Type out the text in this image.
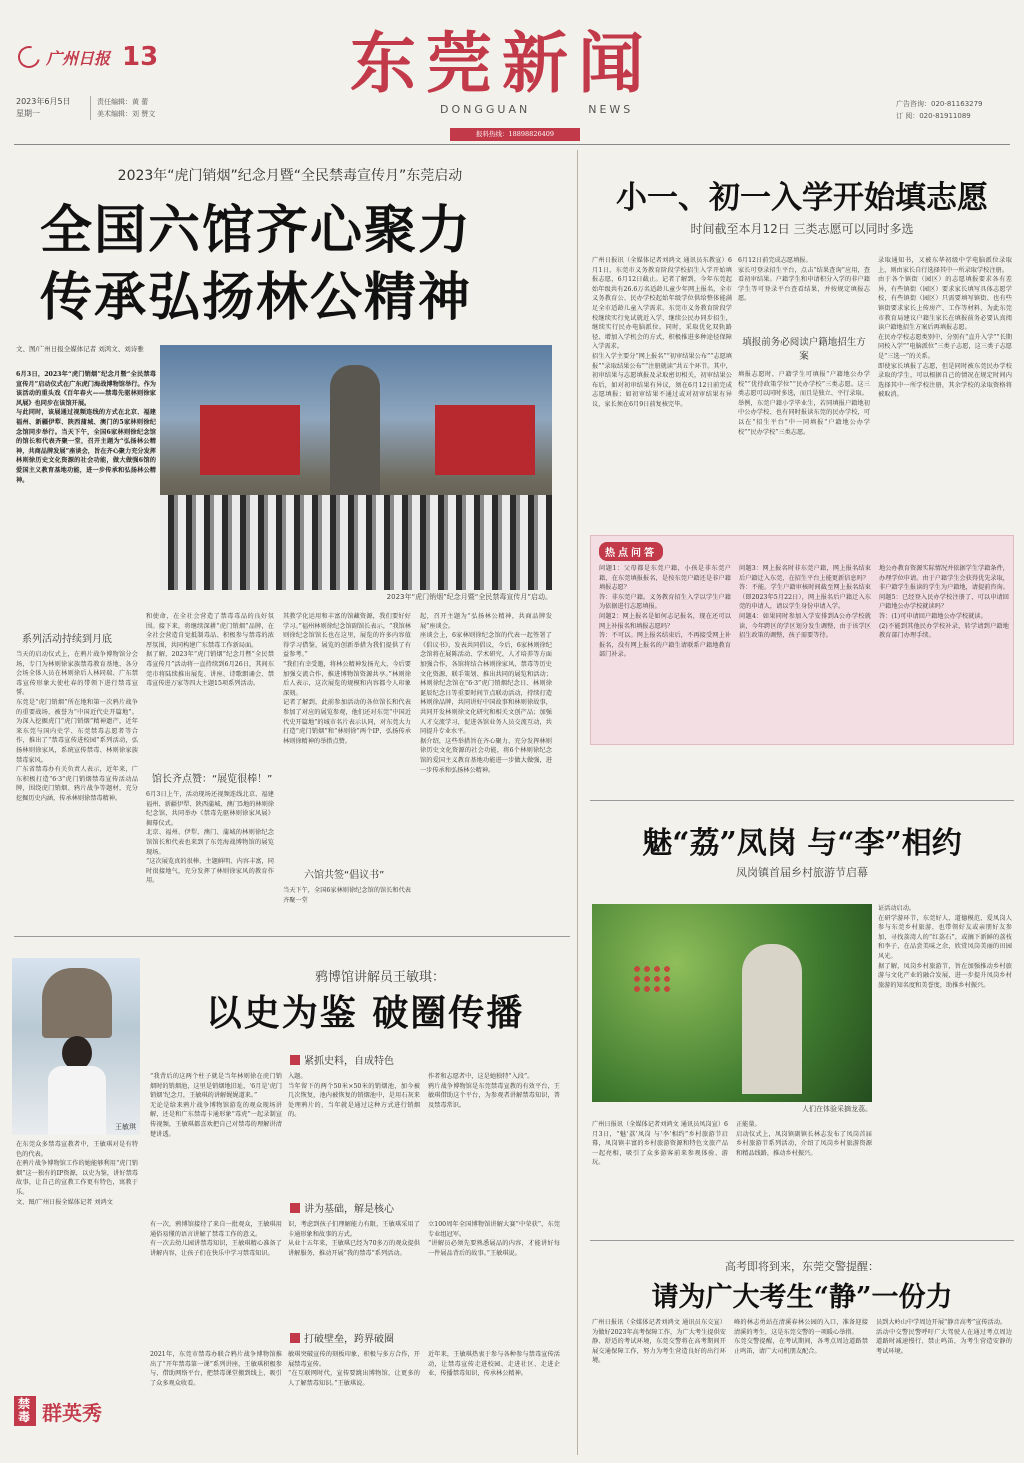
广州日报 13	东莞新闻
DONGGUAN	NEWS
报料热线：18898826409
2023年6月5日
星期一
责任编辑：黄 蕾
美术编辑：刘 赞文
广告咨询：020-81163279
订 阅：020-81911089
2023年“虎门销烟”纪念月暨“全民禁毒宣传月”东莞启动
全国六馆齐心聚力
传承弘扬林公精神
文、图/广州日报全媒体记者 刘鸿文、刘诗雅
6月3日，2023年“虎门销烟”纪念月暨“全民禁毒宣传月”启动仪式在广东虎门海战博物馆举行。作为该活动的重头戏《百年春火——禁毒先驱林则徐家风展》也同步在该馆开展。
与此同时，该展通过视频连线的方式在北京、福建福州、新疆伊犁、陕西蒲城、澳门的5家林则徐纪念馆同步举行。当天下午，全国6家林则徐纪念馆的馆长和代表齐聚一堂，召开主题为“弘扬林公精神，共商品牌发展”座谈会，旨在齐心聚力充分发挥林则徐历史文化资源的社会功能，做大做强6馆的爱国主义教育基地功能，进一步传承和弘扬林公精神。
2023年“虎门销烟”纪念月暨“全民禁毒宣传月”启动。
系列活动持续到月底
当天的启动仪式上，在鸦片战争博物馆分会场，专门为林则徐家族禁毒教育基地、各分会场全体人员在林则徐后人林同瑞、广东禁毒宣传形象大使杜春的带领下进行禁毒宣誓。
东莞是“虎门销烟”所在地和第一次鸦片战争的重要战场，被誉为“中国近代史开篇地”。为深入挖掘虎门“虎门销烟”精神遗产，近年来东莞与国内史学、东莞禁毒志愿者等合作，推出了“禁毒宣传进校园”系列活动，弘扬林则徐家风，系统宣传禁毒、林则徐家族禁毒家风。
广东省禁毒办有关负责人表示，近年来，广东积极打造“6·3”虎门销烟禁毒宣传活动品牌，围绕虎门销烟、鸦片战争等题材，充分挖掘历史内涵，传承林则徐禁毒精神。
和使命，在全社会营造了禁毒毒品的良好氛围。接下来，将继续深耕“虎门销烟”品牌，在全社会营造自觉抵制毒品、积极参与禁毒的浓厚氛围，共同构建广东禁毒工作新局面。
据了解，2023年“虎门销烟”纪念月暨“全民禁毒宣传月”活动将一直持续到6月26日，其间东莞市将陆续推出展览、讲座、诗歌朗诵会、禁毒宣传进万家等四大主题15项系列活动。
馆长齐点赞：“展览很棒！”
6月3日上午，活动现场还视频连线北京、福建福州、新疆伊犁、陕西蒲城、澳门5地的林则徐纪念馆，共同举办《禁毒先驱林则徐家风展》揭幕仪式。
北京、福州、伊犁、澳门、蒲城的林则徐纪念馆馆长和代表也来到了东莞海战博物馆的展览现场。
“这次展览真的很棒，主题鲜明、内容丰富，同时很接地气，充分发挥了林则徐家风的教育作用。
其教学化运用和丰富的馆藏资源，我们要好好学习。”福州林则徐纪念馆副馆长表示，“我馆林则徐纪念馆馆长也在这里，展览的许多内容值得学习借鉴，展览的创新举措为我们提供了有益参考。”
“我们有幸受邀，将林公精神发扬光大，今后要加强交流合作，推进博物馆资源共享。”林则徐后人表示，这次展览的规模和内容都令人印象深刻。
记者了解到，此前参加活动的各位馆长和代表参加了对应的展览参观，他们还对东莞“中国近代史开篇地”的城市名片表示认同，对东莞大力打造“虎门销烟”和“林则徐”两个IP，弘扬传承林则徐精神的举措点赞。
六馆共签“倡议书”
当天下午，全国6家林则徐纪念馆的馆长和代表齐聚一堂
起，召开主题为“弘扬林公精神，共商品牌发展”座谈会。
座谈会上，6家林则徐纪念馆的代表一起签署了《倡议书》，发表共同倡议，今后，6家林则徐纪念馆将在展陈活动、学术研究、人才培养等方面加强合作，各馆将结合林则徐家风、禁毒等历史文化资源，联手策划、推出共同的展览和活动；林则徐纪念馆在“6·3”虎门销烟纪念日、林则徐诞辰纪念日等重要时间节点联动活动，持续打造林则徐品牌，共同讲好中国故事和林则徐故事，共同开发林则徐文化研究和相关文创产品；加强人才交流学习，促进各馆业务人员交流互动，共同提升专业水平。
据介绍，这些举措旨在齐心聚力，充分发挥林则徐历史文化资源的社会功能，将6个林则徐纪念馆的爱国主义教育基地功能进一步做大做强，进一步传承和弘扬林公精神。
王敏琪
在东莞众多禁毒宣教者中，王敏琪对是有特色的代表。
在鸦片战争博物馆工作的她能够利用“虎门销烟”这一独有的IP资源，以史为鉴，讲好禁毒故事，让自己的宣教工作更有特色，寓教于乐。
文、图/广州日报全媒体记者 刘鸿文
禁毒 群英秀
鸦博馆讲解员王敏琪：
以史为鉴 破圈传播
紧抓史料，自成特色
“我背后的这两个柱子就是当年林则徐在虎门销烟时的销烟池，这里是销烟地旧址，‘6月是’虎门销烟’纪念月，王敏琪的讲解娓娓道来。”
无论是给来鸦片战争博物馆游览的观众现场讲解，还是和广东禁毒卡通形象“毒虎”一起录制宣传视频，王敏琪都喜欢把自己对禁毒的理解讲清楚讲透。
入题。
当年留下的两个50米×50米的销烟池，加今被几次恢复，池内被恢复的销烟池中，是用石灰来处理鸦片的，当年就是通过这种方式进行销烟的。
作者和志愿者中，这是她独特“入段”。
鸦片战争博物馆是东莞禁毒宣教的有效平台，王敏琪借助这个平台，为参观者讲解禁毒知识，普及禁毒常识。
讲为基础，解是核心
有一次，鸦博馆接待了来自一批观众，王敏琪用通俗易懂的语言讲解了禁毒工作的意义。
有一次去幼儿园讲禁毒知识，王敏琪精心准备了讲解内容，让孩子们在快乐中学习禁毒知识。
识，考虑到孩子们理解能力有限，王敏琪采用了卡通形象和故事的方式。
从业十五年来，王敏琪已经为70多万的观众提供讲解服务，推动开展“我的禁毒”系列活动。
立100周年全国博物馆讲解大赛“中荣获”，东莞专业组冠军。
“讲解员必须先要熟悉展品的内容，才能讲好每一件展品背后的故事。”王敏琪说。
打破壁垒，跨界破圈
2021年，东莞市禁毒办联合鸦片战争博物馆推出了“开年禁毒第一课”系列讲座，王敏琪积极参与，借助网络平台，把禁毒课堂搬到线上，吸引了众多观众收看。
敏琪突破宣传的刻板印象，积极与多方合作，开展禁毒宣传。
“在互联网时代，宣传要跳出博物馆，让更多的人了解禁毒知识。”王敏琪说。
近年来，王敏琪热衷于参与各种参与禁毒宣传活动，让禁毒宣传走进校园、走进社区、走进企业，传播禁毒知识，传承林公精神。
小一、初一入学开始填志愿
时间截至本月12日 三类志愿可以同时多选
广州日报讯（全媒体记者刘鸿文 通讯员东教宣）6月1日，东莞市义务教育阶段学校招生入学开始填报志愿，6月12日截止。记者了解到，今年东莞起始年级共有26.6万名适龄儿童少年网上报名，全市义务教育公、民办学校起始年级学位供给整体能满足全市适龄儿童入学需求。东莞市义务教育阶段学校继续实行免试就近入学，继续公民办同步招生，继续实行民办电脑派位。同时，采取优化双轨路径、增加入学机会的方式，积极推进多种途径保障入学需求。
招生入学主要分“网上报名”“初审结果公布”“志愿填报”“录取结果公布”“注册就读”共五个环节。其中，初审结果与志愿填报及录取密切相关，初审结果公布后，如对初审结果有异议，须在6月12日前完成志愿填报；如初审结果不通过或对初审结果有异议，家长须在6月9日前复核完毕。
6月12日前完成志愿填报。
家长可登录招生平台，点击“结果查询”应用，查看初审结果。户籍学生和申请积分入学的非户籍学生等可登录平台查看结果，并按规定填报志愿。
填报前务必阅读户籍地招生方案
填报志愿时，户籍学生可填报“户籍地公办学校”“优待政策学位”“民办学校”三类志愿。这三类志愿可以同时多选，而且是独立、平行录取。
举例，东莞户籍小学毕业生，若同填报户籍地初中公办学校、也有同时报读东莞的民办学校，可以在“招生平台”中一同填报“户籍地公办学校”“民办学校”三类志愿。
录取通知书，又被东华初级中学电脑派位录取上，则由家长自行选择其中一所录取学校注册。
由于各个镇街（园区）的志愿填报要求各有差异，有些镇街（园区）要求家长填写具体志愿学校，有些镇街（园区）只需要填写镇街、也有些镇街要求家长上传房产、工作等材料，为此东莞市教育局建议户籍生家长在填报前务必要认真阅读户籍地招生方案后再填报志愿。
在民办学校志愿类别中，分别有“直升入学”“长期同校入学”“电脑派位”三类子志愿，这三类子志愿是“三选一”的关系。
即使家长填报了志愿，但是同时被东莞民办学校录取的学生，可以根据自己的情况在规定时间内选择其中一所学校注册，其余学校的录取资格将被取消。
热点问答
问题1：父母都是东莞户籍，小孩是非东莞户籍，在东莞填报报名，是按东莞户籍还是非户籍填报志愿？
答：非东莞户籍。义务教育招生入学以学生户籍为依据进行志愿填报。
问题2：网上报名是如何志记报名，现在还可以网上补报名和填报志愿吗？
答：不可以。网上报名结束后，不再接受网上补报名，没有网上报名的户籍生请联系户籍地教育部门补录。
问题3：网上报名时非东莞户籍，网上报名结束后户籍迁入东莞，在招生平台上能更新信息吗？
答：不能。学生户籍审核时间截至网上报名结束（即2023年5月22日），网上报名后户籍迁入东莞的申请人，请以学生身份申请入学。
问题4：如果同时参加入学安排到A公办学校就读，今年跨区的学区划分发生调整，由于该学区招生政策的调整，孩子需要等待。
地公办教育资源实际情况并依据学生学籍条件，办理学位申请。由于户籍学生会获得优先录取，非户籍学生报读的学生为户籍地，请提前咨询。
问题5：已经登入民办学校注册了，可以申请回户籍地公办学校就读吗？
答：(1)可申请回户籍地公办学校就读。
(2)不能到其他民办学校补录，转学请到户籍地教育部门办理手续。
魅“荔”凤岗 与“李”相约
凤岗镇首届乡村旅游节启幕
人们在体验采摘龙荔。
广州日报讯（全媒体记者刘鸿文 通讯员凤岗宣）6月3日，“魅‘荔’凤岗 与‘李’相约”乡村旅游节启幕，凤岗镇丰富的乡村旅游资源和特色文旅产品一起亮相，吸引了众多游客前来参观体验、游玩。
正能量。
启动仪式上，凤岗镇副镇长林志发布了凤岗首届乡村旅游节系列活动，介绍了凤岗乡村旅游资源和精品线路，推动乡村振兴。
证活动启动。
在研学游环节，东莞好人、道德模范、爱凤岗人参与东莞乡村旅游，也带领好友或亲朋好友参加，寻找荔湾人的“红荔石”，或摘下新鲜的荔枝和李子，在品尝美味之余，欣赏凤岗美丽的田园风光。
据了解，凤岗乡村旅游节，旨在加强推动乡村旅游与文化产业的融合发展，进一步提升凤岗乡村旅游的知名度和美誉度，助推乡村振兴。
高考即将到来，东莞交警提醒：
请为广大考生“静”一份力
广州日报讯（全媒体记者刘鸿文 通讯员东交宣）为做好2023年高考保障工作，为广大考生提供安静、舒适的考试环境，东莞交警将在高考期间开展交通保障工作，努力为考生营造良好的出行环境。
峰的林志勇站在清溪春林公园的入口，准备迎接清溪的考生，这是东莞交警的一项暖心举措。
东莞交警提醒，在考试期间，各考点周边道路禁止鸣笛，请广大司机朋友配合。
员到大岭山中学周边开展“静音高考”宣传活动。
活动中交警民警呼吁广大驾驶人在通过考点周边道路时减速慢行、禁止鸣笛，为考生营造安静的考试环境。
